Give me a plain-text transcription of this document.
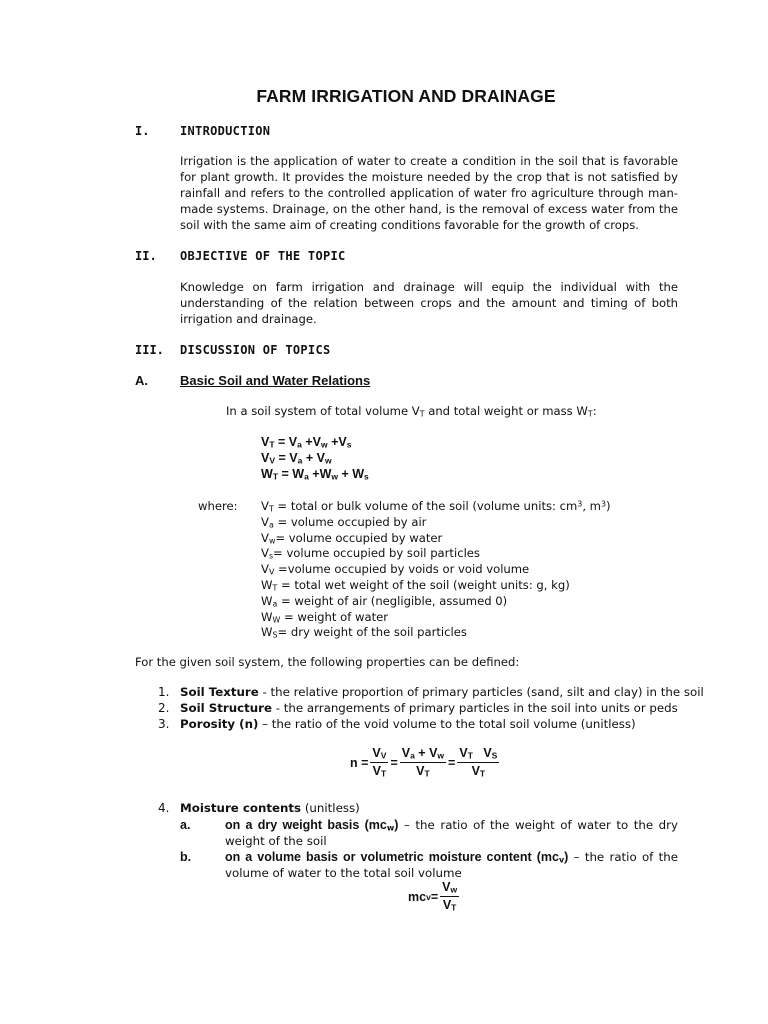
FARM IRRIGATION AND DRAINAGE
I.	INTRODUCTION
Irrigation is the application of water to create a condition in the soil that is favorable for plant growth. It provides the moisture needed by the crop that is not satisfied by rainfall and refers to the controlled application of water fro agriculture through man-made systems. Drainage, on the other hand, is the removal of excess water from the soil with the same aim of creating conditions favorable for the growth of crops.
II. OBJECTIVE OF THE TOPIC
Knowledge on farm irrigation and drainage will equip the individual with the understanding of the relation between crops and the amount and timing of both irrigation and drainage.
III. DISCUSSION OF TOPICS
A. Basic Soil and Water Relations
In a soil system of total volume $V_T$ and total weight or mass $W_T$:
$V_T = V_a +V_w +V_s$
$V_V = V_a + V_w$
$W_T = W_a +W_w + W_s$
where: $V_T$ = total or bulk volume of the soil (volume units: $cm^3$, $m^3$)
$V_a$ = volume occupied by air
$V_w=$ volume occupied by water
$V_s=$ volume occupied by soil particles
$V_V$ =volume occupied by voids or void volume
$W_T$ = total wet weight of the soil (weight units: g, kg)
$W_a$ = weight of air (negligible, assumed 0)
$W_W$ = weight of water
$W_S=$ dry weight of the soil particles
For the given soil system, the following properties can be defined:
1. Soil Texture - the relative proportion of primary particles (sand, silt and clay) in the soil
2. Soil Structure - the arrangements of primary particles in the soil into units or peds
3. Porosity (n) – the ratio of the void volume to the total soil volume (unitless)
$n = \frac{V_V}{V_T} = \frac{V_a + V_w}{V_T} = \frac{V_T V_S}{V_T}$
4. Moisture contents (unitless)
a.	on a dry weight basis $(mc_w)$ – the ratio of the weight of water to the dry weight of the soil
b.	on a volume basis or volumetric moisture content $(mc_v)$ – the ratio of the volume of water to the total soil volume
mc $v = \frac{V_w}{V_T}$
